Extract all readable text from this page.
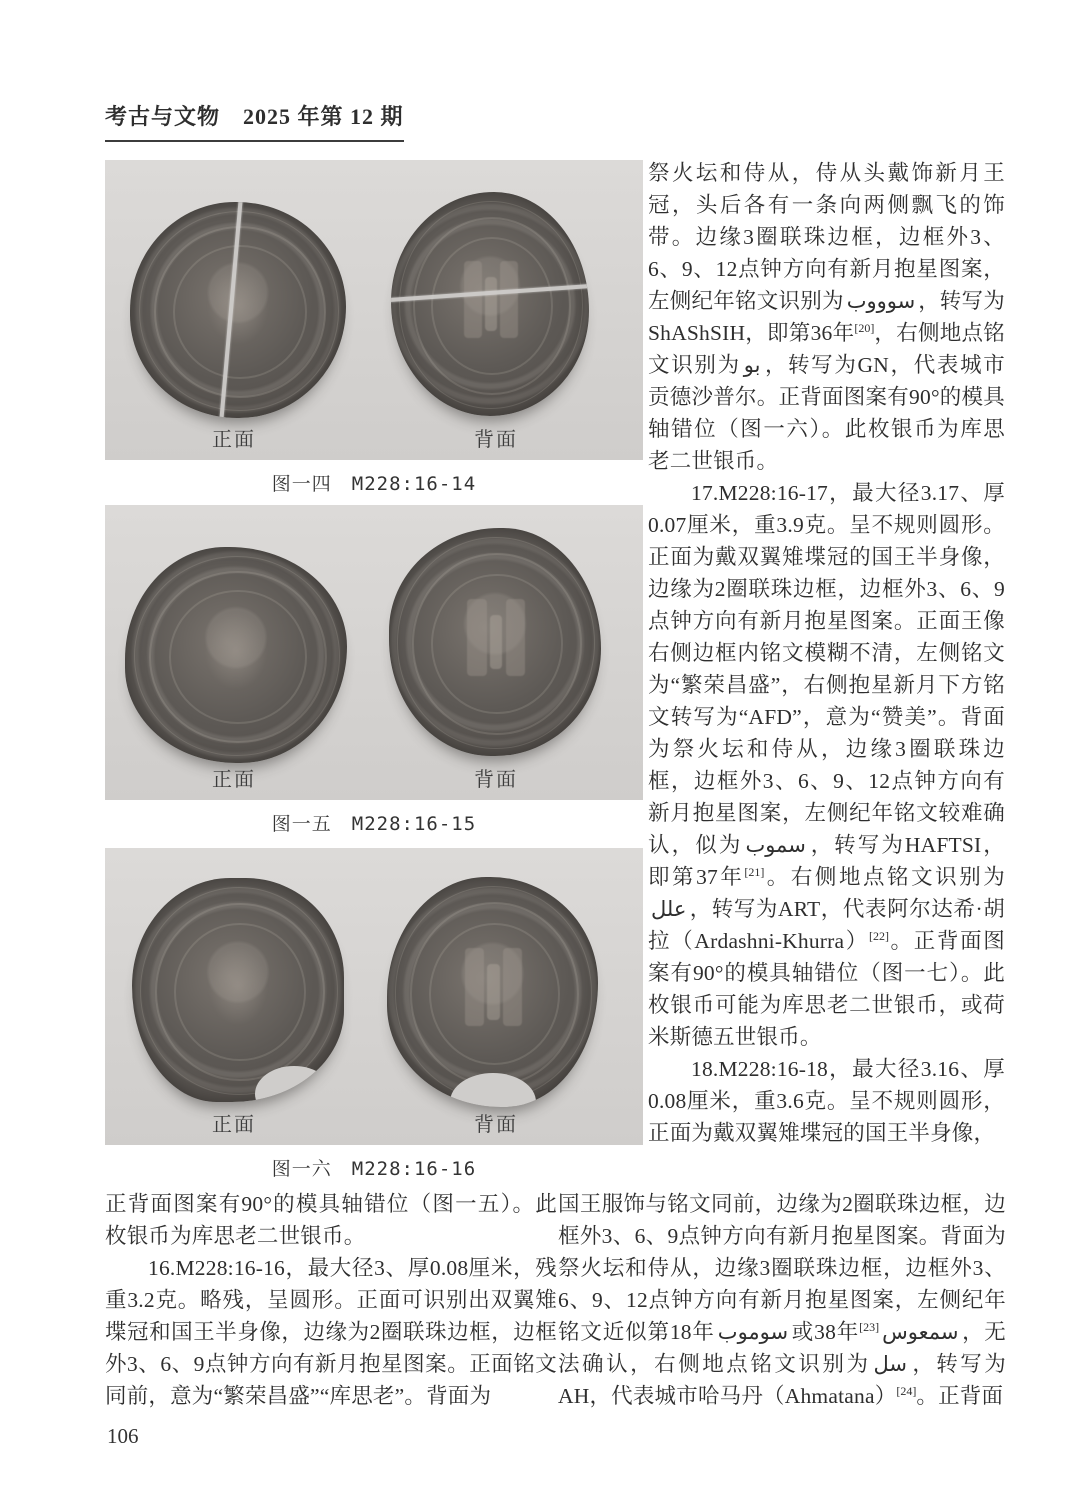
考古与文物　2025 年第 12 期
正面	背面
图一四　M228:16-14
正面	背面
图一五　M228:16-15
正面	背面
图一六　M228:16-16

祭火坛和侍从，侍从头戴饰新月王冠，头后各有一条向两侧飘飞的饰带。边缘3圈联珠边框，边框外3、6、9、12点钟方向有新月抱星图案，左侧纪年铭文识别为 سوووب ，转写为ShAShSIH，即第36年[20]，右侧地点铭文识别为 بو ，转写为GN，代表城市贡德沙普尔。正背面图案有90°的模具轴错位（图一六）。此枚银币为库思老二世银币。

17.M228:16-17，最大径3.17、厚0.07厘米，重3.9克。呈不规则圆形。正面为戴双翼雉堞冠的国王半身像，边缘为2圈联珠边框，边框外3、6、9点钟方向有新月抱星图案。正面王像右侧边框内铭文模糊不清，左侧铭文为“繁荣昌盛”，右侧抱星新月下方铭文转写为“AFD”，意为“赞美”。背面为祭火坛和侍从，边缘3圈联珠边框，边框外3、6、9、12点钟方向有新月抱星图案，左侧纪年铭文较难确认，似为 سموب ，转写为HAFTSI，即第37年[21]。右侧地点铭文识别为علل ，转写为ART，代表阿尔达希·胡拉（Ardashni-Khurra）[22]。正背面图案有90°的模具轴错位（图一七）。此枚银币可能为库思老二世银币，或荷米斯德五世银币。

18.M228:16-18，最大径3.16、厚0.08厘米，重3.6克。呈不规则圆形，正面为戴双翼雉堞冠的国王半身像，

正背面图案有90°的模具轴错位（图一五）。此枚银币为库思老二世银币。

16.M228:16-16，最大径3、厚0.08厘米，残重3.2克。略残，呈圆形。正面可识别出双翼雉堞冠和国王半身像，边缘为2圈联珠边框，边框外3、6、9点钟方向有新月抱星图案。正面铭文同前，意为“繁荣昌盛”“库思老”。背面为

国王服饰与铭文同前，边缘为2圈联珠边框，边框外3、6、9点钟方向有新月抱星图案。背面为祭火坛和侍从，边缘3圈联珠边框，边框外3、6、9、12点钟方向有新月抱星图案，左侧纪年铭文近似第18年 سوموب 或38年 سمعوس[23]	，无法确认，右侧地点铭文识别为 سل ，转写为AH，代表城市哈马丹（Ahmatana）[24]。正背面

106
